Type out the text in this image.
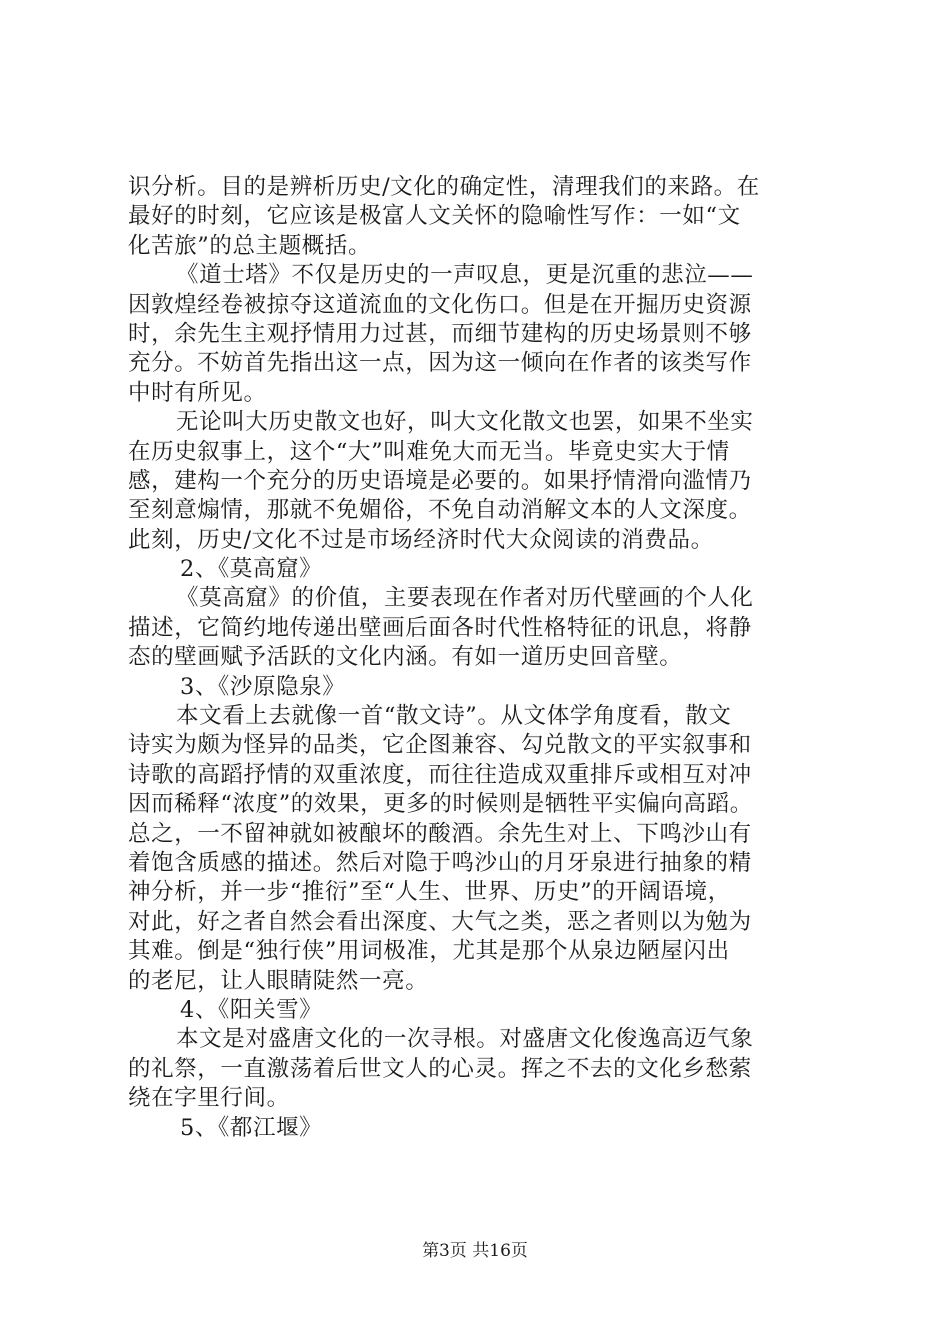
识分析。目的是辨析历史/文化的确定性，清理我们的来路。在
最好的时刻，它应该是极富人文关怀的隐喻性写作：一如“文
化苦旅”的总主题概括。
《道士塔》不仅是历史的一声叹息，更是沉重的悲泣——
因敦煌经卷被掠夺这道流血的文化伤口。但是在开掘历史资源
时，余先生主观抒情用力过甚，而细节建构的历史场景则不够
充分。不妨首先指出这一点，因为这一倾向在作者的该类写作
中时有所见。
无论叫大历史散文也好，叫大文化散文也罢，如果不坐实
在历史叙事上，这个“大”叫难免大而无当。毕竟史实大于情
感，建构一个充分的历史语境是必要的。如果抒情滑向滥情乃
至刻意煽情，那就不免媚俗，不免自动消解文本的人文深度。
此刻，历史/文化不过是市场经济时代大众阅读的消费品。
2、《莫高窟》
《莫高窟》的价值，主要表现在作者对历代壁画的个人化
描述，它简约地传递出壁画后面各时代性格特征的讯息，将静
态的壁画赋予活跃的文化内涵。有如一道历史回音壁。
3、《沙原隐泉》
本文看上去就像一首“散文诗”。从文体学角度看，散文
诗实为颇为怪异的品类，它企图兼容、勾兑散文的平实叙事和
诗歌的高蹈抒情的双重浓度，而往往造成双重排斥或相互对冲
因而稀释“浓度”的效果，更多的时候则是牺牲平实偏向高蹈。
总之，一不留神就如被酿坏的酸酒。余先生对上、下鸣沙山有
着饱含质感的描述。然后对隐于鸣沙山的月牙泉进行抽象的精
神分析，并一步“推衍”至“人生、世界、历史”的开阔语境，
对此，好之者自然会看出深度、大气之类，恶之者则以为勉为
其难。倒是“独行侠”用词极准，尤其是那个从泉边陋屋闪出
的老尼，让人眼睛陡然一亮。
4、《阳关雪》
本文是对盛唐文化的一次寻根。对盛唐文化俊逸高迈气象
的礼祭，一直激荡着后世文人的心灵。挥之不去的文化乡愁萦
绕在字里行间。
5、《都江堰》
第3页 共16页
